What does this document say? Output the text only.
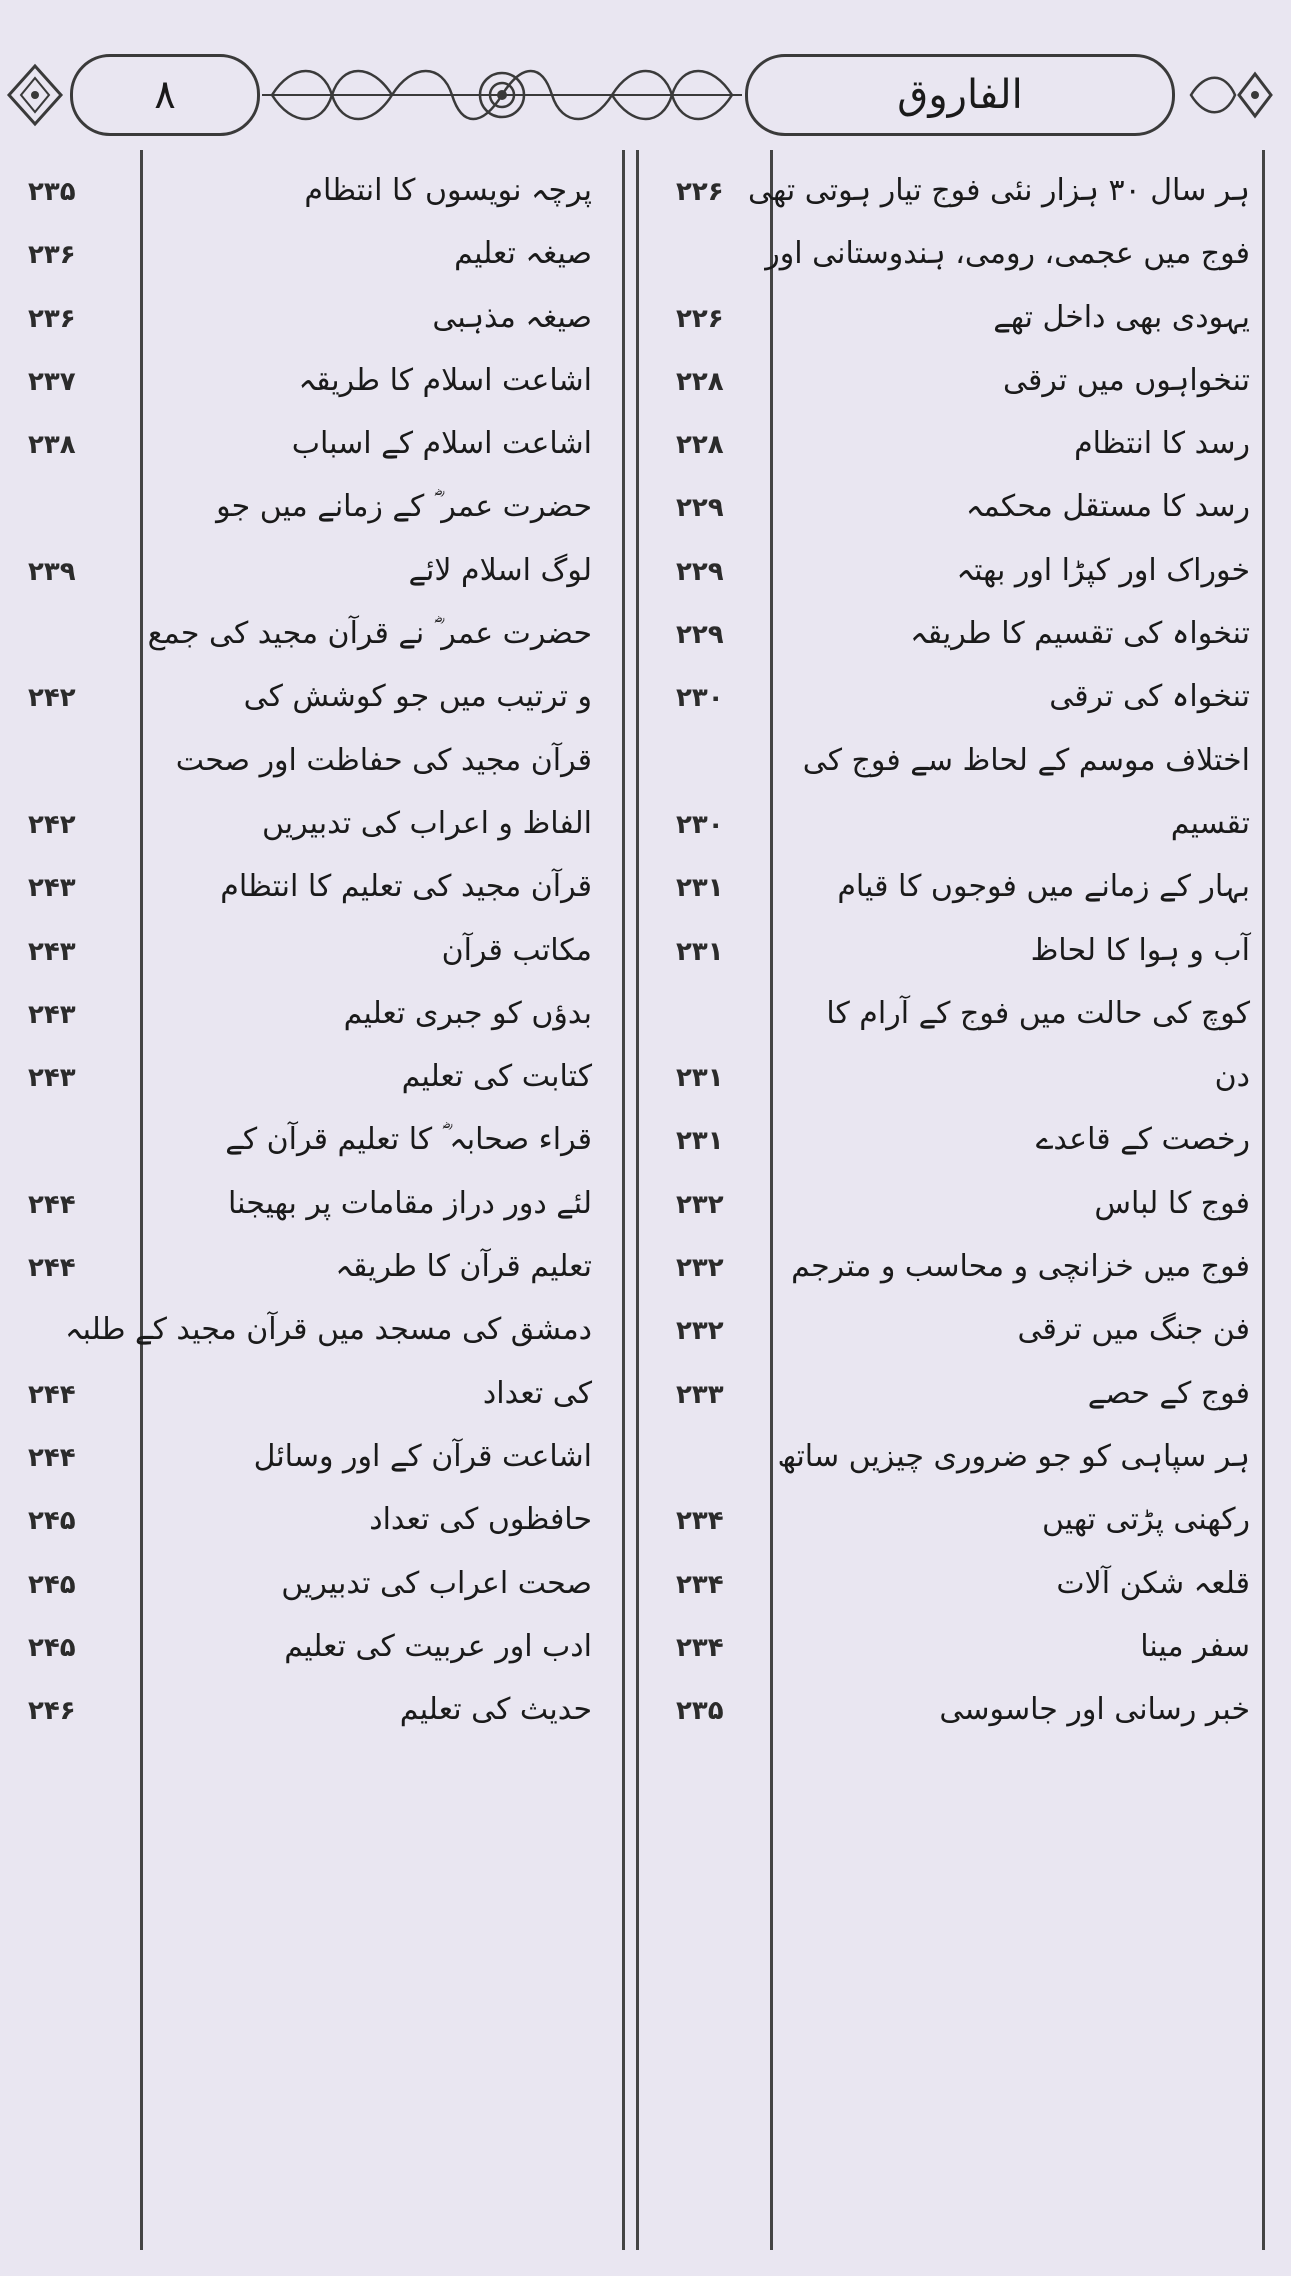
۸	الفاروق
ہر سال ۳۰ ہزار نئی فوج تیار ہوتی تھی
۲۲۶
فوج میں عجمی، رومی، ہندوستانی اور
یہودی بھی داخل تھے
۲۲۶
تنخواہوں میں ترقی
۲۲۸
رسد کا انتظام
۲۲۸
رسد کا مستقل محکمہ
۲۲۹
خوراک اور کپڑا اور بھتہ
۲۲۹
تنخواہ کی تقسیم کا طریقہ
۲۲۹
تنخواہ کی ترقی
۲۳۰
اختلاف موسم کے لحاظ سے فوج کی
تقسیم
۲۳۰
بہار کے زمانے میں فوجوں کا قیام
۲۳۱
آب و ہوا کا لحاظ
۲۳۱
کوچ کی حالت میں فوج کے آرام کا
دن
۲۳۱
رخصت کے قاعدے
۲۳۱
فوج کا لباس
۲۳۲
فوج میں خزانچی و محاسب و مترجم
۲۳۲
فن جنگ میں ترقی
۲۳۲
فوج کے حصے
۲۳۳
ہر سپاہی کو جو ضروری چیزیں ساتھ
رکھنی پڑتی تھیں
۲۳۴
قلعہ شکن آلات
۲۳۴
سفر مینا
۲۳۴
خبر رسانی اور جاسوسی
۲۳۵
پرچہ نویسوں کا انتظام
۲۳۵
صیغہ تعلیم
۲۳۶
صیغہ مذہبی
۲۳۶
اشاعت اسلام کا طریقہ
۲۳۷
اشاعت اسلام کے اسباب
۲۳۸
حضرت عمر ؓ کے زمانے میں جو
لوگ اسلام لائے
۲۳۹
حضرت عمر ؓ نے قرآن مجید کی جمع
و ترتیب میں جو کوشش کی
۲۴۲
قرآن مجید کی حفاظت اور صحت
الفاظ و اعراب کی تدبیریں
۲۴۲
قرآن مجید کی تعلیم کا انتظام
۲۴۳
مکاتب قرآن
۲۴۳
بدؤں کو جبری تعلیم
۲۴۳
کتابت کی تعلیم
۲۴۳
قراء صحابہ ؓ کا تعلیم قرآن کے
لئے دور دراز مقامات پر بھیجنا
۲۴۴
تعلیم قرآن کا طریقہ
۲۴۴
دمشق کی مسجد میں قرآن مجید کے طلبہ
کی تعداد
۲۴۴
اشاعت قرآن کے اور وسائل
۲۴۴
حافظوں کی تعداد
۲۴۵
صحت اعراب کی تدبیریں
۲۴۵
ادب اور عربیت کی تعلیم
۲۴۵
حدیث کی تعلیم
۲۴۶
